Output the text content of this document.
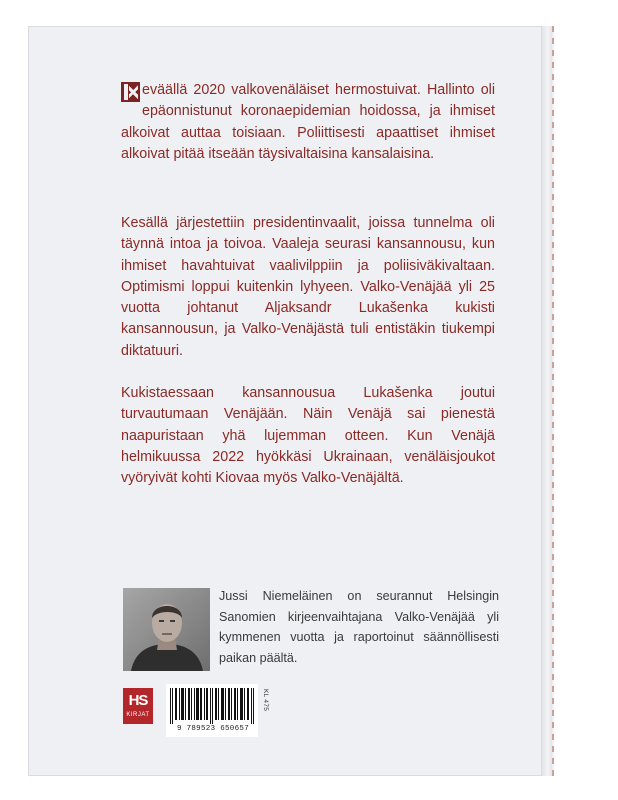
eväällä 2020 valkovenäläiset hermostuivat. Hallinto oli epäonnistunut koronaepidemian hoidossa, ja ihmiset alkoivat auttaa toisiaan. Poliittisesti apaattiset ihmiset alkoivat pitää itseään täysivaltaisina kansalaisina.

Kesällä järjestettiin presidentinvaalit, joissa tunnelma oli täynnä intoa ja toivoa. Vaaleja seurasi kansannousu, kun ihmiset havahtuivat vaalivilppiin ja poliisiväkivaltaan. Optimismi loppui kuitenkin lyhyeen. Valko-Venäjää yli 25 vuotta johtanut Aljaksandr Lukašenka kukisti kansannousun, ja Valko-Venäjästä tuli entistäkin tiukempi diktatuuri.

Kukistaessaan kansannousua Lukašenka joutui turvautumaan Venäjään. Näin Venäjä sai pienestä naapuristaan yhä lujemman otteen. Kun Venäjä helmikuussa 2022 hyökkäsi Ukrainaan, venäläisjoukot vyöryivät kohti Kiovaa myös Valko-Venäjältä.

Jussi Niemeläinen on seurannut Helsingin Sanomien kirjeenvaihtajana Valko-Venäjää yli kymmenen vuotta ja raportoinut säännöllisesti paikan päältä.

HS
KIRJAT
9 789523 650657
KL 475
